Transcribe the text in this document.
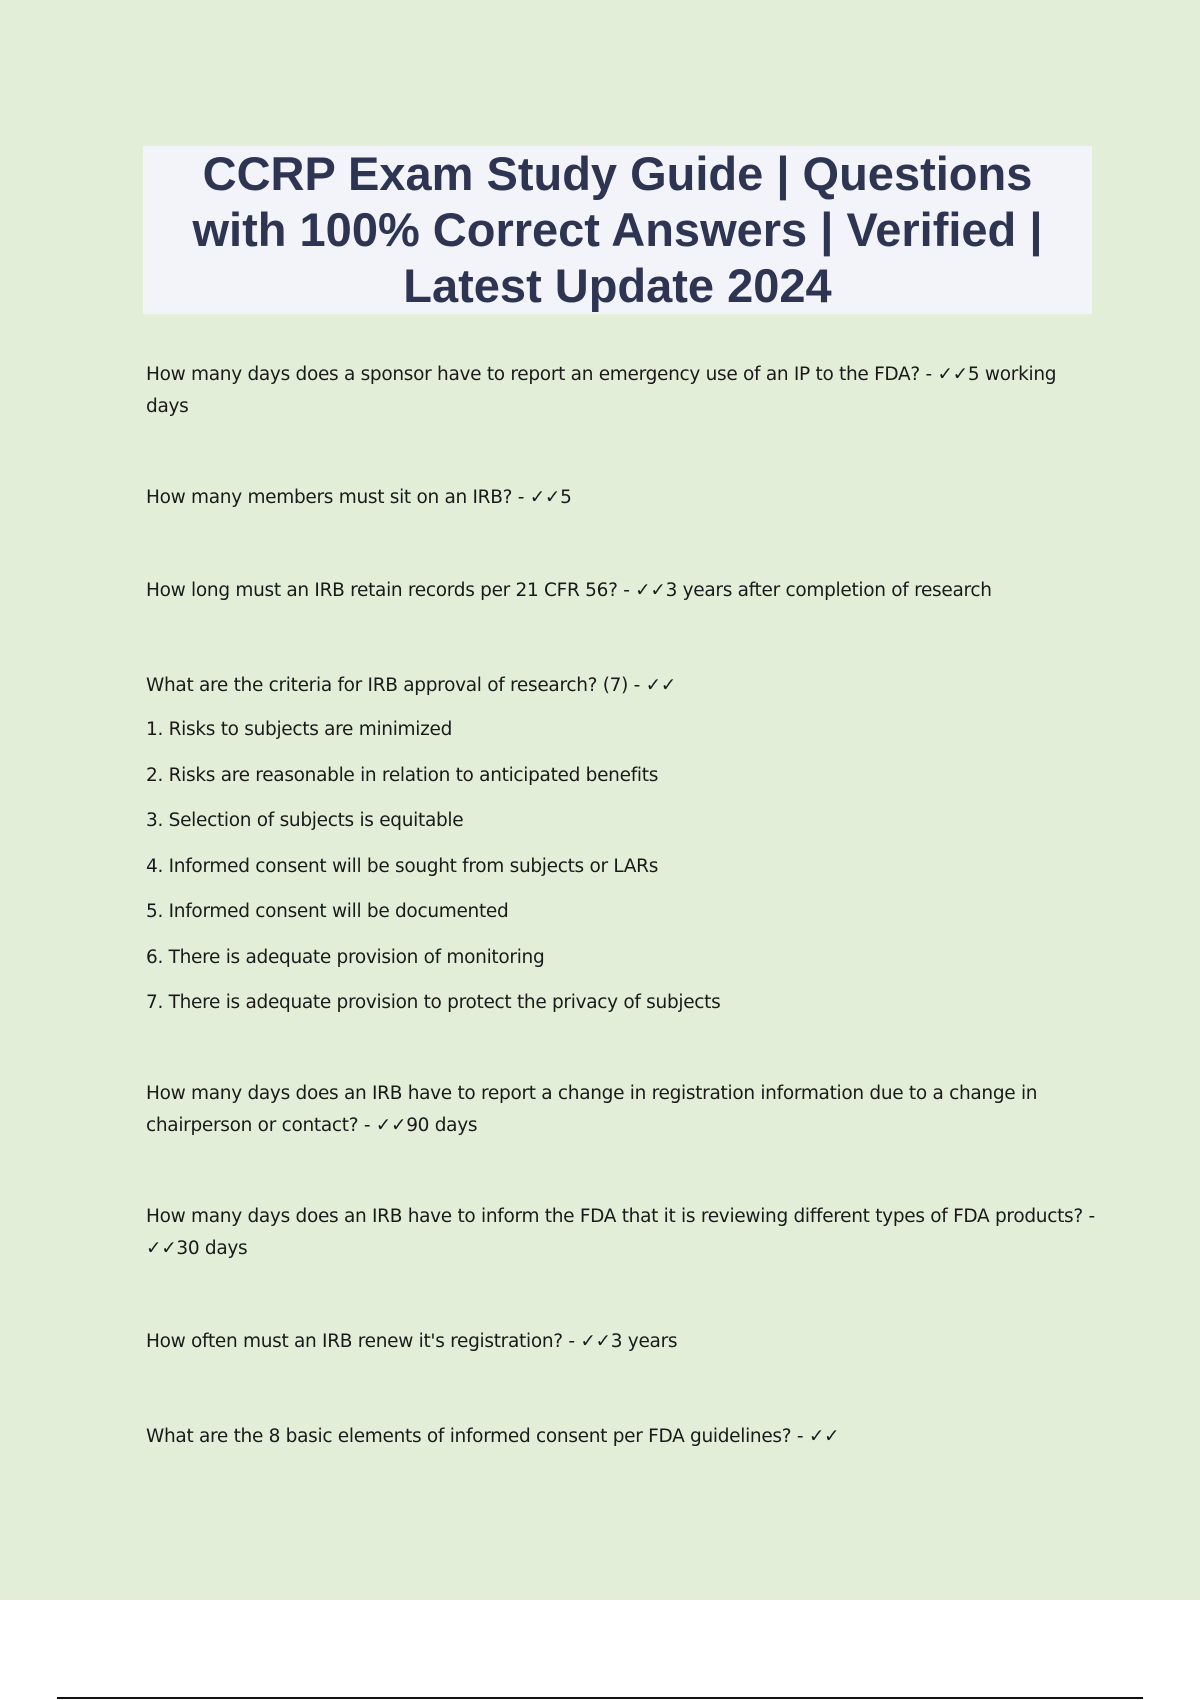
CCRP Exam Study Guide | Questions with 100% Correct Answers | Verified | Latest Update 2024

How many days does a sponsor have to report an emergency use of an IP to the FDA? - ✓✓5 working days

How many members must sit on an IRB? - ✓✓5

How long must an IRB retain records per 21 CFR 56? - ✓✓3 years after completion of research

What are the criteria for IRB approval of research? (7) - ✓✓

1. Risks to subjects are minimized
2. Risks are reasonable in relation to anticipated benefits
3. Selection of subjects is equitable
4. Informed consent will be sought from subjects or LARs
5. Informed consent will be documented
6. There is adequate provision of monitoring
7. There is adequate provision to protect the privacy of subjects

How many days does an IRB have to report a change in registration information due to a change in chairperson or contact? - ✓✓90 days

How many days does an IRB have to inform the FDA that it is reviewing different types of FDA products? - ✓✓30 days

How often must an IRB renew it's registration? - ✓✓3 years

What are the 8 basic elements of informed consent per FDA guidelines? - ✓✓
